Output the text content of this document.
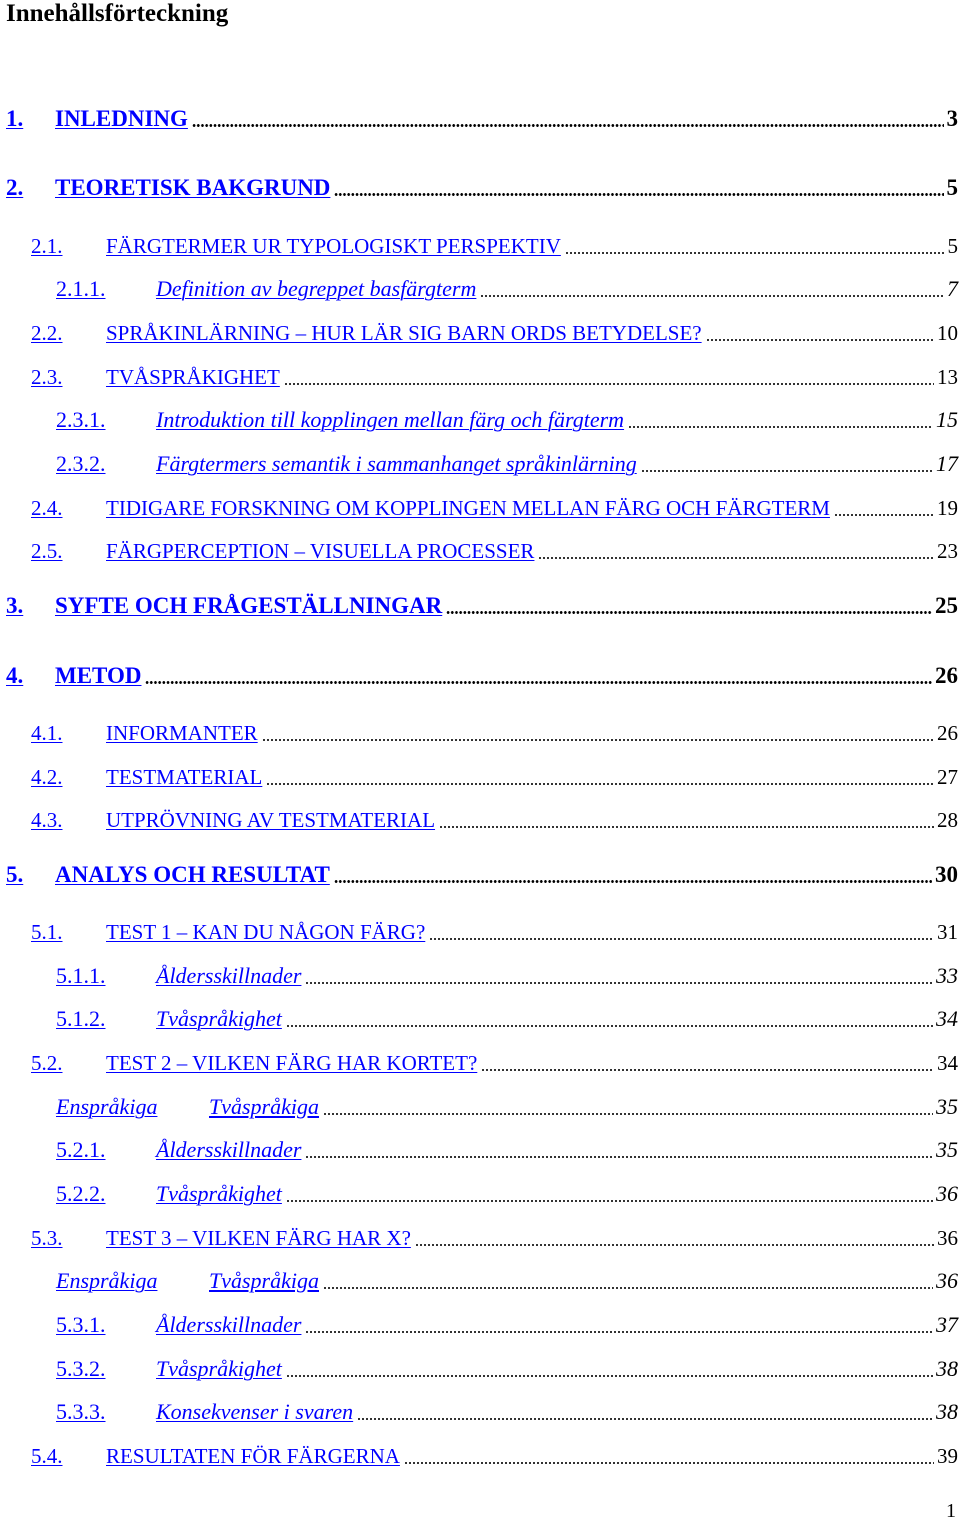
Innehållsförteckning
1. INLEDNING	3
2. TEORETISK BAKGRUND	5
2.1. FÄRGTERMER UR TYPOLOGISKT PERSPEKTIV	5
2.1.1. Definition av begreppet basfärgterm	7
2.2. SPRÅKINLÄRNING – HUR LÄR SIG BARN ORDS BETYDELSE?	10
2.3. TVÅSPRÅKIGHET	13
2.3.1. Introduktion till kopplingen mellan färg och färgterm	15
2.3.2. Färgtermers semantik i sammanhanget språkinlärning	17
2.4. TIDIGARE FORSKNING OM KOPPLINGEN MELLAN FÄRG OCH FÄRGTERM	19
2.5. FÄRGPERCEPTION – VISUELLA PROCESSER	23
3. SYFTE OCH FRÅGESTÄLLNINGAR	25
4. METOD	26
4.1. INFORMANTER	26
4.2. TESTMATERIAL	27
4.3. UTPRÖVNING AV TESTMATERIAL	28
5. ANALYS OCH RESULTAT	30
5.1. TEST 1 – KAN DU NÅGON FÄRG?	31
5.1.1. Åldersskillnader	33
5.1.2. Tvåspråkighet	34
5.2. TEST 2 – VILKEN FÄRG HAR KORTET?	34
Enspråkiga Tvåspråkiga	35
5.2.1. Åldersskillnader	35
5.2.2. Tvåspråkighet	36
5.3. TEST 3 – VILKEN FÄRG HAR X?	36
Enspråkiga Tvåspråkiga	36
5.3.1. Åldersskillnader	37
5.3.2. Tvåspråkighet	38
5.3.3. Konsekvenser i svaren	38
5.4. RESULTATEN FÖR FÄRGERNA	39
1
